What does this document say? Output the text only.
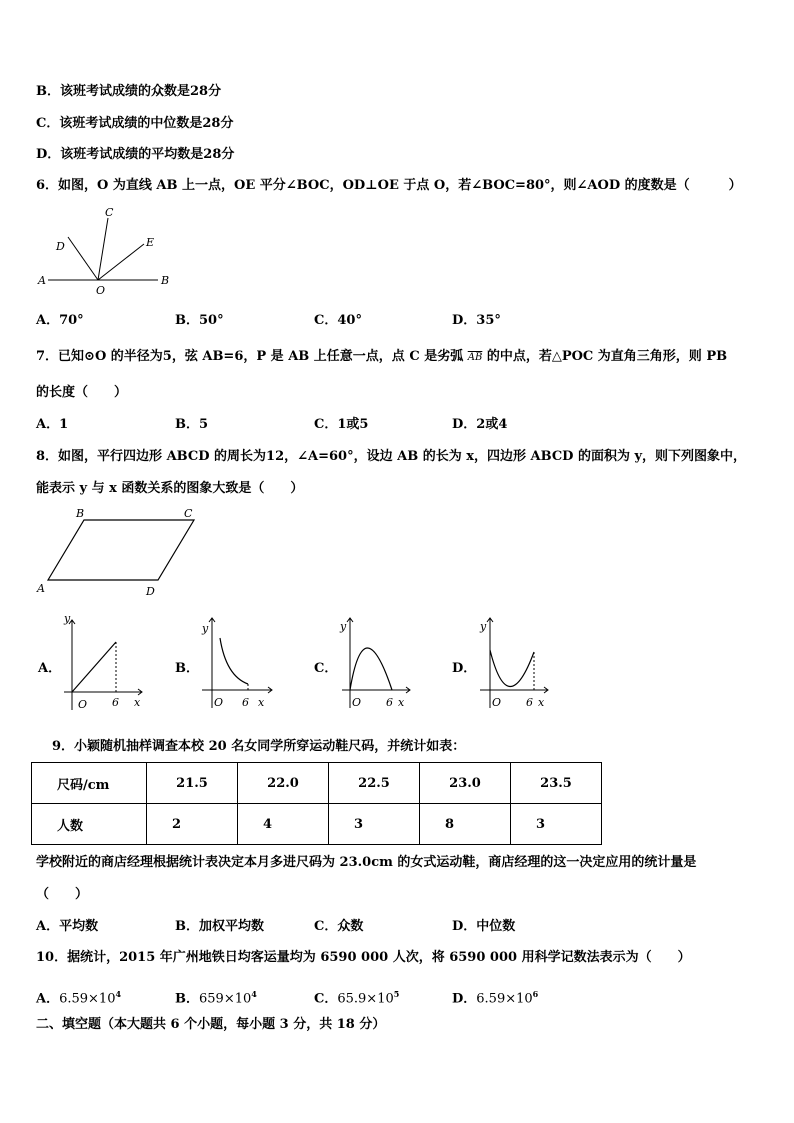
B．该班考试成绩的众数是28分
C．该班考试成绩的中位数是28分
D．该班考试成绩的平均数是28分
6．如图，O 为直线 AB 上一点，OE 平分∠BOC，OD⊥OE 于点 O，若∠BOC=80°，则∠AOD 的度数是（　　　）
A	B
C
D	E
O
A．70°	B．50°	C．40°	D．35°
7．已知⊙O 的半径为5，弦 AB=6，P 是 AB 上任意一点，点 C 是劣弧 $\overline{AB}$ 的中点，若△POC 为直角三角形，则 PB
的长度（　　）
A．1	B．5	C．1或5	D．2或4
8．如图，平行四边形 ABCD 的周长为12，∠A=60°，设边 AB 的长为 x，四边形 ABCD 的面积为 y，则下列图象中，
能表示 y 与 x 函数关系的图象大致是（　　）
A
B	C
D
A．
y
O 6 x
B．
y
O 6 x
C．
y
O 6 x
D．
y
O 6 x
9．小颖随机抽样调查本校 20 名女同学所穿运动鞋尺码，并统计如表：
尺码/cm	21.5	22.0	22.5	23.0	23.5
人数	2	4	3	8	3
学校附近的商店经理根据统计表决定本月多进尺码为 23.0cm 的女式运动鞋，商店经理的这一决定应用的统计量是
（　　）
A．平均数	B．加权平均数	C．众数	D．中位数
10．据统计，2015 年广州地铁日均客运量均为 6590 000 人次，将 6590 000 用科学记数法表示为（　　）
A．$6.59\times 10^4$	B．$659\times 10^4$	C．$65.9\times 10^5$	D．$6.59\times 10^6$
二、填空题（本大题共 6 个小题，每小题 3 分，共 18 分）
